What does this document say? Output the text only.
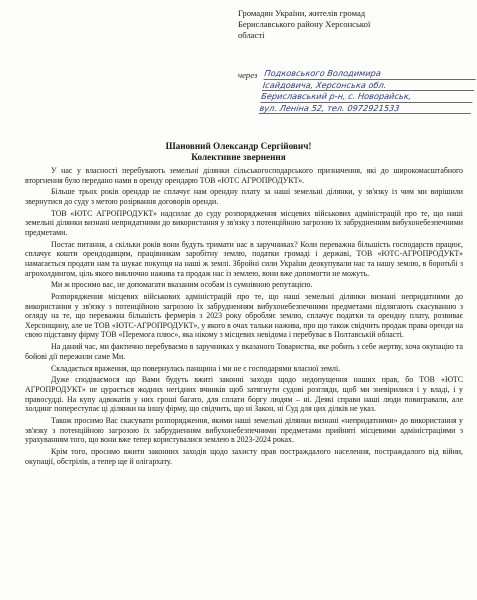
Громадян України, жителів громад
Бериславського району Херсонської
області
через Подковського Володимира
Ісайдовича, Херсонська обл.
Бериславський р-н, с. Новорайськ,
вул. Леніна 52, тел. 0972921533
Шановний Олександр Сергійович!
Колективне звернення

У нас у власності перебувають земельні ділянки сільськогосподарського призначення, які до широкомасштабного вторгнення було передано нами в оренду орендарю ТОВ «ЮТС АГРОПРОДУКТ».

Більше трьох років орендар не сплачує нам орендну плату за наші земельні ділянки, у зв'язку із чим ми вирішили звернутися до суду з метою розірвання договорів оренди.

ТОВ «ЮТС АГРОПРОДУКТ» надсилає до суду розпорядження місцевих військових адміністрацій про те, що наші земельні ділянки визнані непридатними до використання у зв'язку з потенційною загрозою їх забрудненням вибухонебезпечними предметами.

Постає питання, а скільки років вони будуть тримати нас в заручниках? Коли переважна більшість господарств працює, сплачує кошти орендодавцям, працівникам заробітну землю, податки громаді і державі, ТОВ «ЮТС-АГРОПРОДУКТ» намагається продати нам та шукає покупця на наші ж землі. Збройні сили України деокупували нас та нашу землю, в боротьбі з агрохолдингом, ціль якого виключно нажива та продаж нас із землею, вони вже допомогти не можуть.

Ми ж просимо вас, не допомагати вказаним особам із сумнівною репутацією.

Розпорядження місцевих військових адміністрацій про те, що наші земельні ділянки визнані непридатними до використання у зв'язку з потенційною загрозою їх забрудненням вибухонебезпечними предметами підлягають скасуванню з огляду на те, що переважна більшість фермерів з 2023 року обробляє землю, сплачує податки та орендну плату, розвиває Херсонщину, але не ТОВ «ЮТС-АГРОПРОДУКТ», у якого в очах тальки нажива, про що також свідчить продаж права оренди на свою підставну фірму ТОВ «Перемога плюс», яка нікому з місцевих невідома і перебуває в Полтавській області.

На даний час, ми фактично перебуваємо в заручниках у вказаного Товариства, яке робить з себе жертву, хоча окупацію та бойові дії пережили саме Ми.

Складається враження, що повернулась панщина і ми не є господарями власної землі.

Дуже сподіваємося що Вами будуть вжиті законні заходи щодо недопущення наших прав, бо ТОВ «ЮТС АГРОПРОДУКТ» не цурається жодних негідних вчинків щоб затягнути судові розгляди, щоб ми зневірилися і у владі, і у правосудді. На купу адвокатів у них гроші багато, для сплати боргу людям – ні. Деякі справи наші люди повигравали, але холдинг попереступає ці ділянки на іншу фірму, що свідчить, що ні Закон, ні Суд для цих ділків не указ.

Також просимо Вас скасувати розпорядження, якими наші земельні ділянки визнані «непридатними» до використання у зв'язку з потенційною загрозою їх забрудненням вибухонебезпечними предметами прийняті місцевими адміністраціями з урахуванням того, що вони вже тепер користувалися землею в 2023-2024 роках.

Крім того, просимо вжити законних заходів щодо захисту прав постраждалого населення, постраждалого від війни, окупації, обстрілів, а тепер ще й олігархату.
